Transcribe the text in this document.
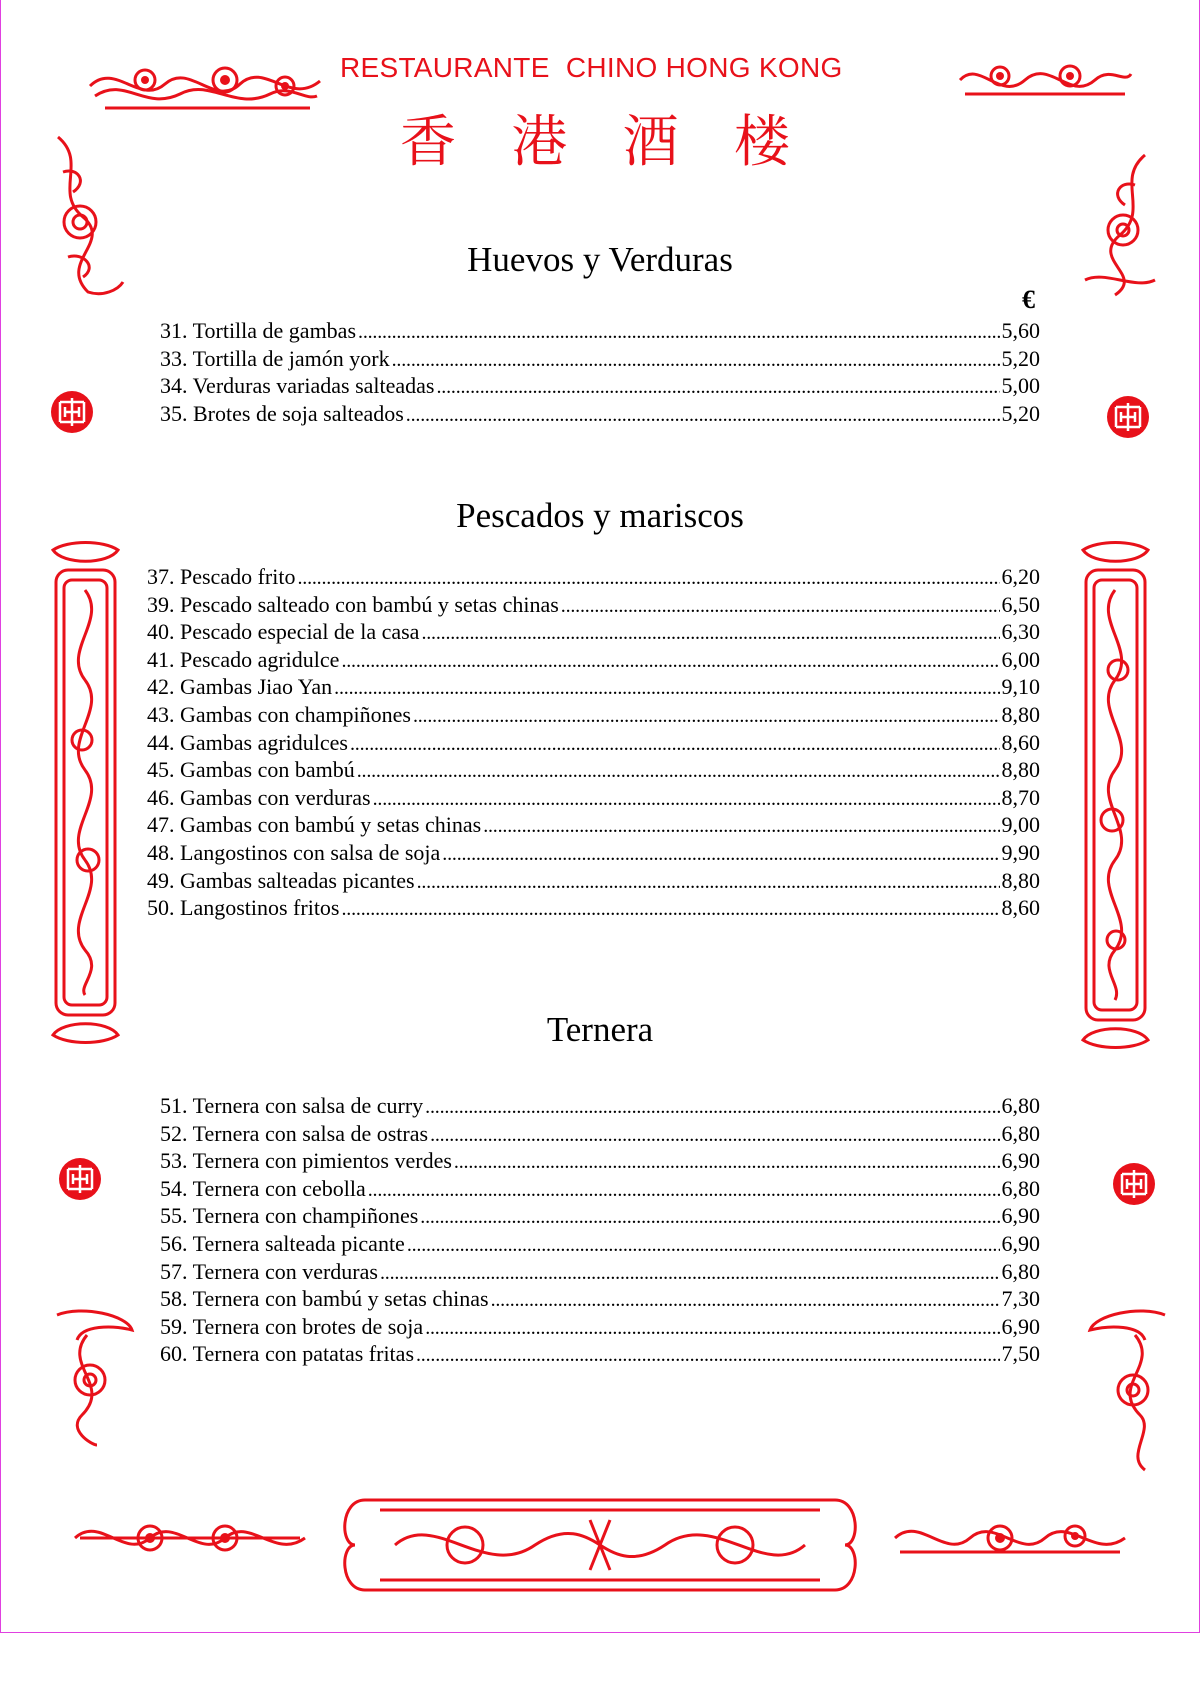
RESTAURANTE  CHINO HONG KONG
香 港 酒 楼
Huevos y Verduras
€
Pescados y mariscos
Ternera
31. Tortilla de gambas .....	5,60
33. Tortilla de jamón york .....	5,20
34. Verduras variadas salteadas .....	5,00
35. Brotes de soja salteados .....	5,20
37. Pescado frito .....	6,20
39. Pescado salteado con bambú y setas chinas .....	6,50
40. Pescado especial de la casa .....	6,30
41. Pescado agridulce .....	6,00
42. Gambas Jiao Yan .....	9,10
43. Gambas con champiñones .....	8,80
44. Gambas agridulces .....	8,60
45. Gambas con bambú .....	8,80
46. Gambas con verduras .....	8,70
47. Gambas con bambú y setas chinas .....	9,00
48. Langostinos con salsa de soja .....	9,90
49. Gambas salteadas picantes .....	8,80
50. Langostinos fritos .....	8,60
51. Ternera con salsa de curry .....	6,80
52. Ternera con salsa de ostras .....	6,80
53. Ternera con pimientos verdes .....	6,90
54. Ternera con cebolla .....	6,80
55. Ternera con champiñones .....	6,90
56. Ternera salteada picante .....	6,90
57. Ternera con verduras .....	6,80
58. Ternera con bambú y setas chinas .....	7,30
59. Ternera con brotes de soja .....	6,90
60. Ternera con patatas fritas .....	7,50
